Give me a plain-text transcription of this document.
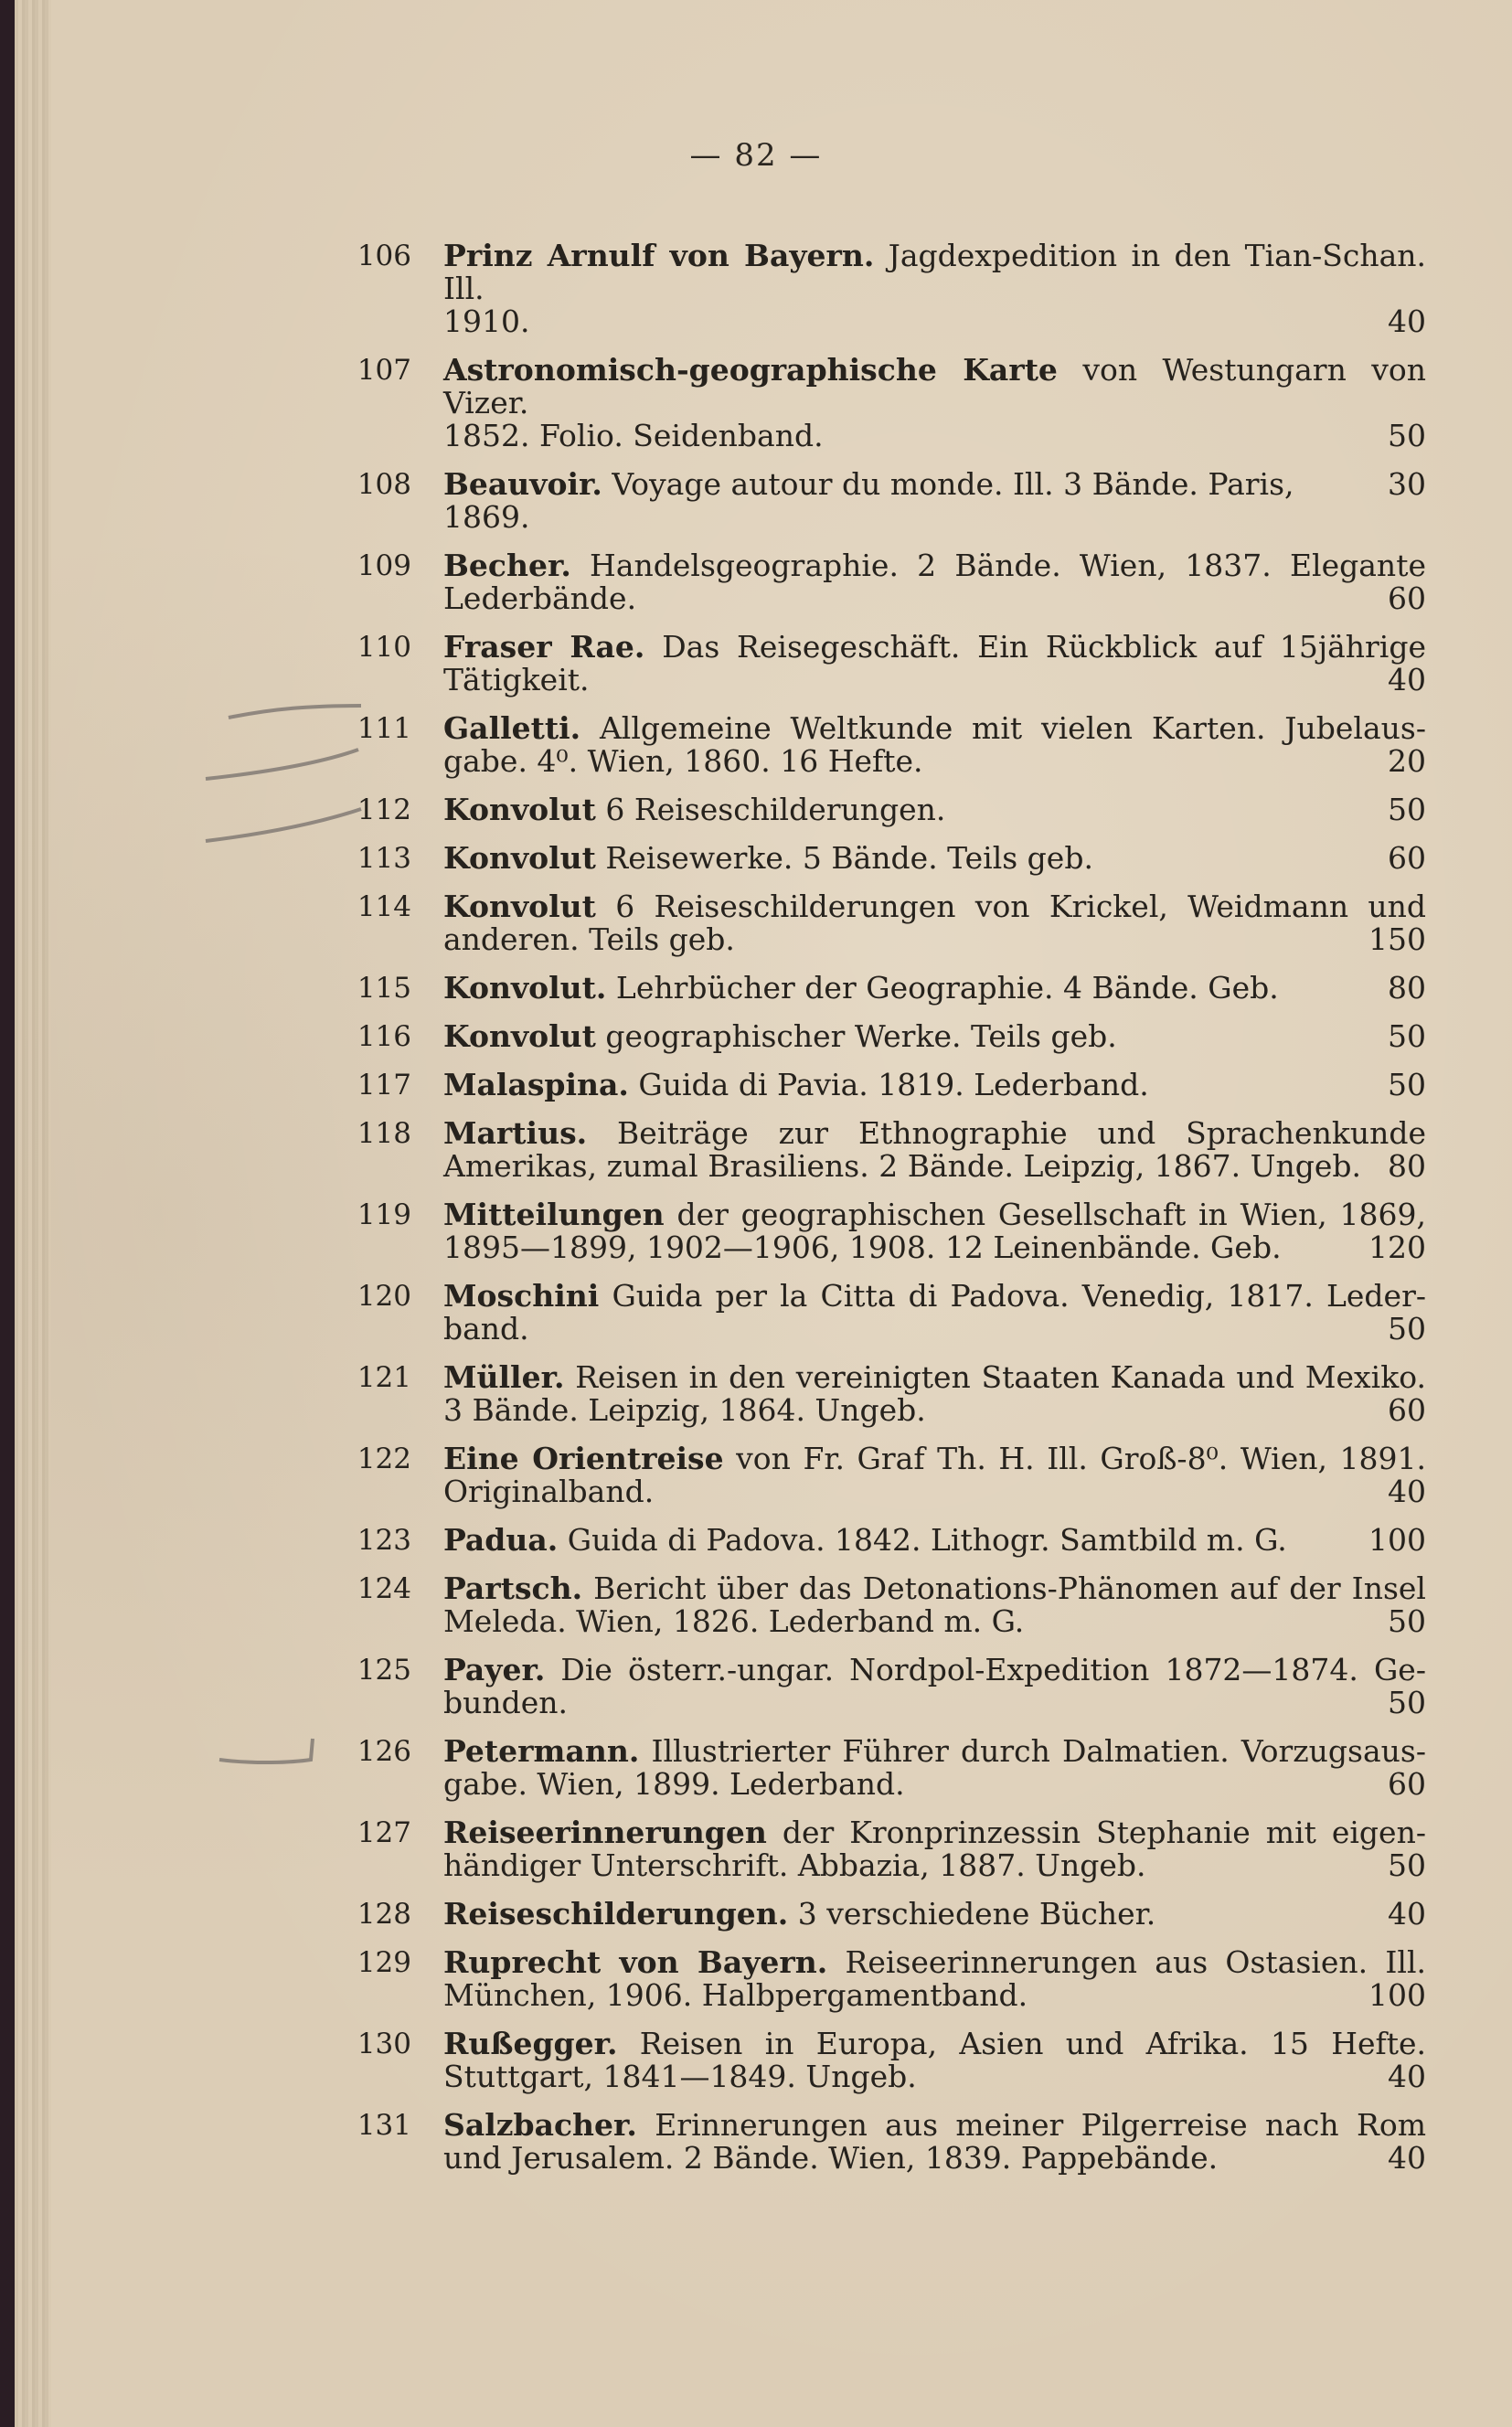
— 82 —
106 Prinz Arnulf von Bayern. Jagdexpedition in den Tian-Schan. Ill.
1910.	40
107 Astronomisch-geographische Karte von Westungarn von Vizer.
1852. Folio. Seidenband.	50
108 Beauvoir. Voyage autour du monde. Ill. 3 Bände. Paris, 1869.
30
109 Becher. Handelsgeographie. 2 Bände. Wien, 1837. Elegante
Lederbände.	60
110 Fraser Rae. Das Reisegeschäft. Ein Rückblick auf 15jährige
Tätigkeit.	40
111 Galletti. Allgemeine Weltkunde mit vielen Karten. Jubelaus-
gabe. 4⁰. Wien, 1860. 16 Hefte.	20
112 Konvolut 6 Reiseschilderungen.	50
113 Konvolut Reisewerke. 5 Bände. Teils geb.	60
114 Konvolut 6 Reiseschilderungen von Krickel, Weidmann und
anderen. Teils geb.	150
115 Konvolut. Lehrbücher der Geographie. 4 Bände. Geb.	80
116 Konvolut geographischer Werke. Teils geb.	50
117 Malaspina. Guida di Pavia. 1819. Lederband.	50
118 Martius. Beiträge zur Ethnographie und Sprachenkunde
Amerikas, zumal Brasiliens. 2 Bände. Leipzig, 1867. Ungeb. 80
119 Mitteilungen der geographischen Gesellschaft in Wien, 1869,
1895—1899, 1902—1906, 1908. 12 Leinenbände. Geb.	120
120 Moschini Guida per la Citta di Padova. Venedig, 1817. Leder-
band.	50
121 Müller. Reisen in den vereinigten Staaten Kanada und Mexiko.
3 Bände. Leipzig, 1864. Ungeb.	60
122 Eine Orientreise von Fr. Graf Th. H. Ill. Groß-8⁰. Wien, 1891.
Originalband.	40
123 Padua. Guida di Padova. 1842. Lithogr. Samtbild m. G.	100
124 Partsch. Bericht über das Detonations-Phänomen auf der Insel
Meleda. Wien, 1826. Lederband m. G.	50
125 Payer. Die österr.-ungar. Nordpol-Expedition 1872—1874. Ge-
bunden.	50
126 Petermann. Illustrierter Führer durch Dalmatien. Vorzugsaus-
gabe. Wien, 1899. Lederband.	60
127 Reiseerinnerungen der Kronprinzessin Stephanie mit eigen-
händiger Unterschrift. Abbazia, 1887. Ungeb.	50
128 Reiseschilderungen. 3 verschiedene Bücher.	40
129 Ruprecht von Bayern. Reiseerinnerungen aus Ostasien. Ill.
München, 1906. Halbpergamentband.	100
130 Rußegger. Reisen in Europa, Asien und Afrika. 15 Hefte.
Stuttgart, 1841—1849. Ungeb.	40
131 Salzbacher. Erinnerungen aus meiner Pilgerreise nach Rom
und Jerusalem. 2 Bände. Wien, 1839. Pappebände.	40
